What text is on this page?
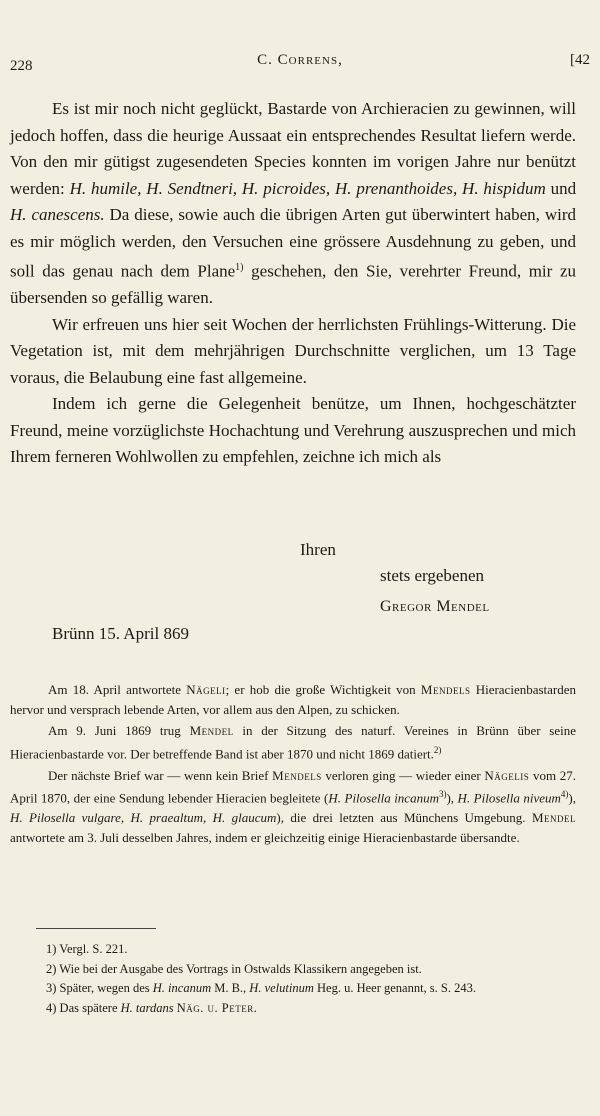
228	C. Correns,	[42

Es ist mir noch nicht geglückt, Bastarde von Archieracien zu gewinnen, will jedoch hoffen, dass die heurige Aussaat ein entsprechendes Resultat liefern werde. Von den mir gütigst zugesendeten Species konnten im vorigen Jahre nur benützt werden: H. humile, H. Sendtneri, H. picroides, H. prenanthoides, H. hispidum und H. canescens. Da diese, sowie auch die übrigen Arten gut überwintert haben, wird es mir möglich werden, den Versuchen eine grössere Ausdehnung zu geben, und soll das genau nach dem Plane$^{1)}$ geschehen, den Sie, verehrter Freund, mir zu übersenden so gefällig waren.

Wir erfreuen uns hier seit Wochen der herrlichsten Frühlings-Witterung. Die Vegetation ist, mit dem mehrjährigen Durchschnitte verglichen, um 13 Tage voraus, die Belaubung eine fast allgemeine.

Indem ich gerne die Gelegenheit benütze, um Ihnen, hochgeschätzter Freund, meine vorzüglichste Hochachtung und Verehrung auszusprechen und mich Ihrem ferneren Wohlwollen zu empfehlen, zeichne ich mich als

Ihren
stets ergebenen
Gregor Mendel
Brünn 15. April 869

Am 18. April antwortete Nägeli; er hob die große Wichtigkeit von Mendels Hieracienbastarden hervor und versprach lebende Arten, vor allem aus den Alpen, zu schicken.

Am 9. Juni 1869 trug Mendel in der Sitzung des naturf. Vereines in Brünn über seine Hieracienbastarde vor. Der betreffende Band ist aber 1870 und nicht 1869 datiert.$^{2)}$

Der nächste Brief war — wenn kein Brief Mendels verloren ging — wieder einer Nägelis vom 27. April 1870, der eine Sendung lebender Hieracien begleitete (H. Pilosella incanum$^{3)}$), H. Pilosella niveum$^{4)}$), H. Pilosella vulgare, H. praealtum, H. glaucum), die drei letzten aus Münchens Umgebung. Mendel antwortete am 3. Juli desselben Jahres, indem er gleichzeitig einige Hieracienbastarde übersandte.

1) Vergl. S. 221.

2) Wie bei der Ausgabe des Vortrags in Ostwalds Klassikern angegeben ist.

3) Später, wegen des H. incanum M. B., H. velutinum Heg. u. Heer genannt, s. S. 243.

4) Das spätere H. tardans Näg. u. Peter.
